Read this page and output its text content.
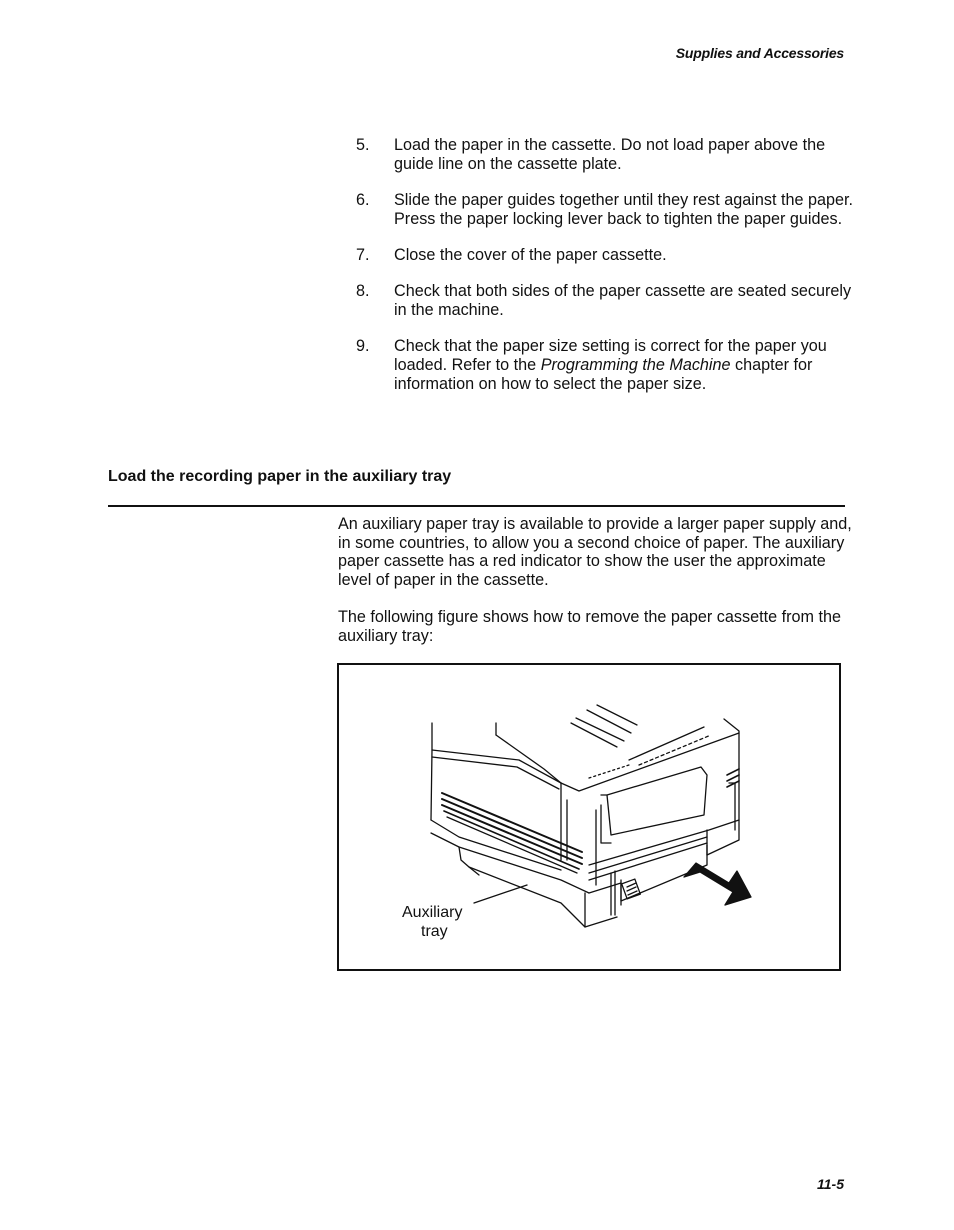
Supplies and Accessories
5.	Load the paper in the cassette. Do not load paper above the guide line on the cassette plate.
6.	Slide the paper guides together until they rest against the paper. Press the paper locking lever back to tighten the paper guides.
7.	Close the cover of the paper cassette.
8.	Check that both sides of the paper cassette are seated securely in the machine.
9.	Check that the paper size setting is correct for the paper you loaded. Refer to the Programming the Machine chapter for information on how to select the paper size.
Load the recording paper in the auxiliary tray
An auxiliary paper tray is available to provide a larger paper supply and, in some countries, to allow you a second choice of paper. The auxiliary paper cassette has a red indicator to show the user the approximate level of paper in the cassette.
The following figure shows how to remove the paper cassette from the auxiliary tray:
Auxiliary
tray
11-5
